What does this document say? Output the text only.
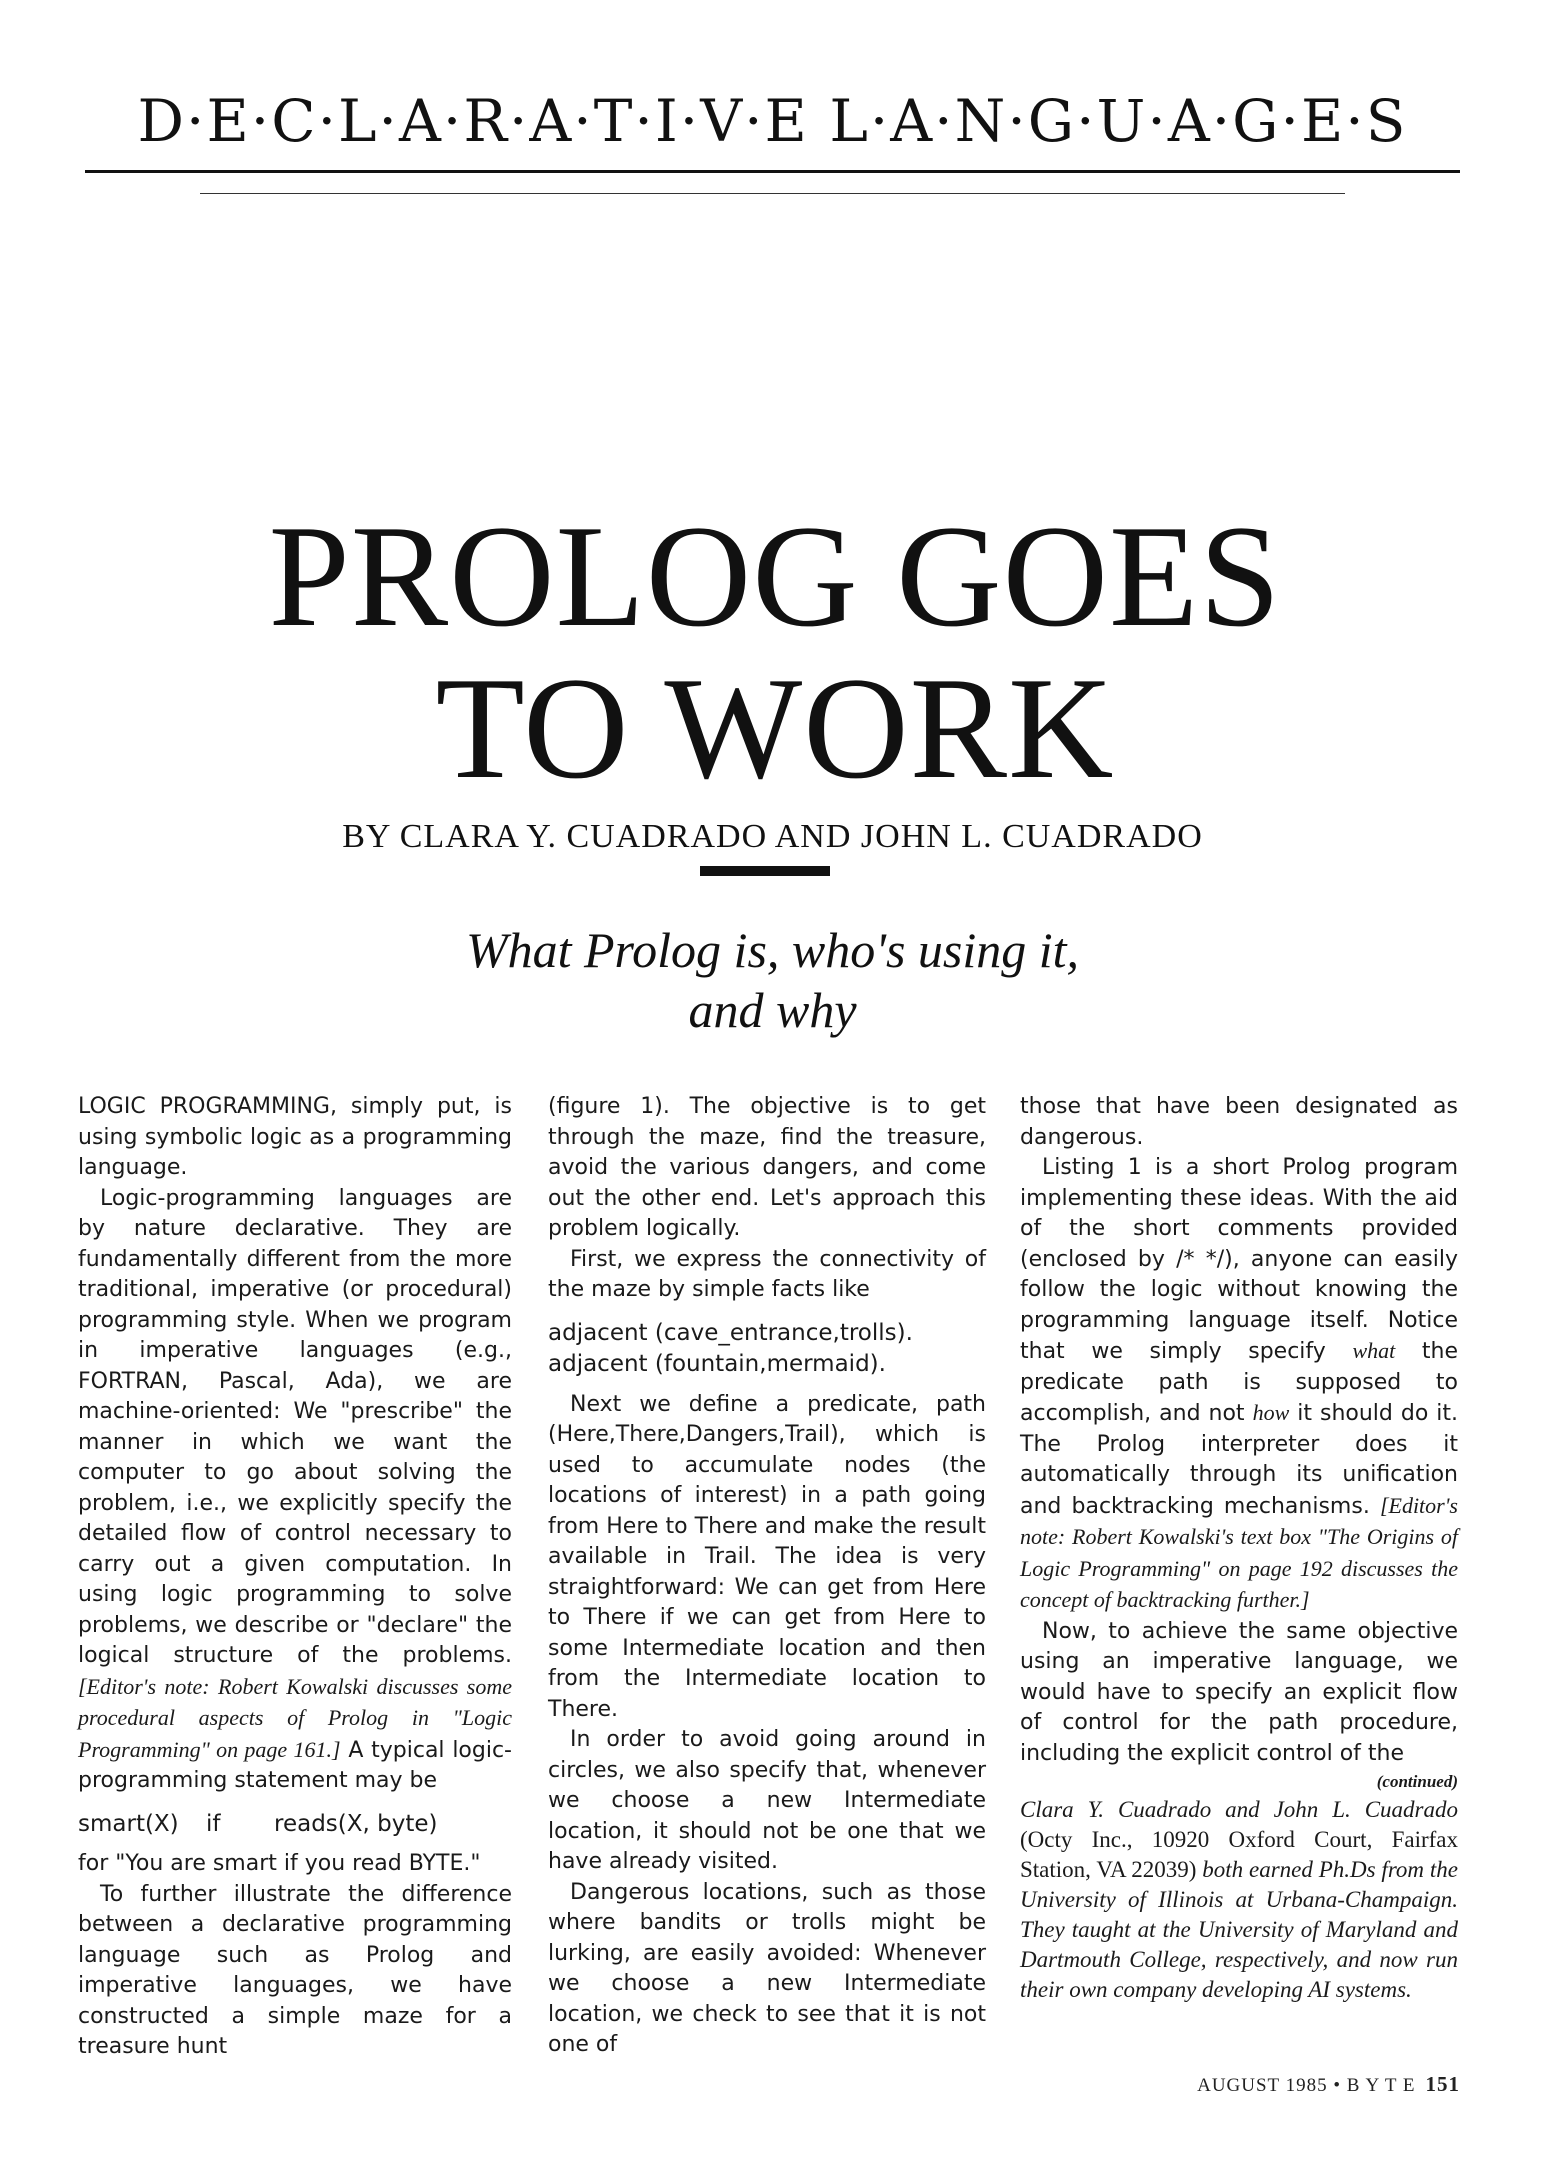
D·E·C·L·A·R·A·T·I·V·E L·A·N·G·U·A·G·E·S
PROLOG GOES
TO WORK
BY CLARA Y. CUADRADO AND JOHN L. CUADRADO
What Prolog is, who's using it,
and why

LOGIC PROGRAMMING, simply put, is using symbolic logic as a programming language.

Logic-programming languages are by nature declarative. They are fundamentally different from the more traditional, imperative (or procedural) programming style. When we program in imperative languages (e.g., FORTRAN, Pascal, Ada), we are machine-oriented: We "prescribe" the manner in which we want the computer to go about solving the problem, i.e., we explicitly specify the detailed flow of control necessary to carry out a given computation. In using logic programming to solve problems, we describe or "declare" the logical structure of the problems. [Editor's note: Robert Kowalski discusses some procedural aspects of Prolog in "Logic Programming" on page 161.] A typical logic-programming statement may be

smart(X)	if	reads(X, byte)

for "You are smart if you read BYTE."

To further illustrate the difference between a declarative programming language such as Prolog and imperative languages, we have constructed a simple maze for a treasure hunt

(figure 1). The objective is to get through the maze, find the treasure, avoid the various dangers, and come out the other end. Let's approach this problem logically.

First, we express the connectivity of the maze by simple facts like

adjacent (cave_entrance,trolls).
adjacent (fountain,mermaid).

Next we define a predicate, path (Here,There,Dangers,Trail), which is used to accumulate nodes (the locations of interest) in a path going from Here to There and make the result available in Trail. The idea is very straightforward: We can get from Here to There if we can get from Here to some Intermediate location and then from the Intermediate location to There.

In order to avoid going around in circles, we also specify that, whenever we choose a new Intermediate location, it should not be one that we have already visited.

Dangerous locations, such as those where bandits or trolls might be lurking, are easily avoided: Whenever we choose a new Intermediate location, we check to see that it is not one of

those that have been designated as dangerous.

Listing 1 is a short Prolog program implementing these ideas. With the aid of the short comments provided (enclosed by /* */), anyone can easily follow the logic without knowing the programming language itself. Notice that we simply specify what the predicate path is supposed to accomplish, and not how it should do it. The Prolog interpreter does it automatically through its unification and backtracking mechanisms. [Editor's note: Robert Kowalski's text box "The Origins of Logic Programming" on page 192 discusses the concept of backtracking further.]

Now, to achieve the same objective using an imperative language, we would have to specify an explicit flow of control for the path procedure, including the explicit control of the

(continued)
Clara Y. Cuadrado and John L. Cuadrado (Octy Inc., 10920 Oxford Court, Fairfax Station, VA 22039) both earned Ph.Ds from the University of Illinois at Urbana-Champaign. They taught at the University of Maryland and Dartmouth College, respectively, and now run their own company developing AI systems.
AUGUST 1985 • B Y T E 151
